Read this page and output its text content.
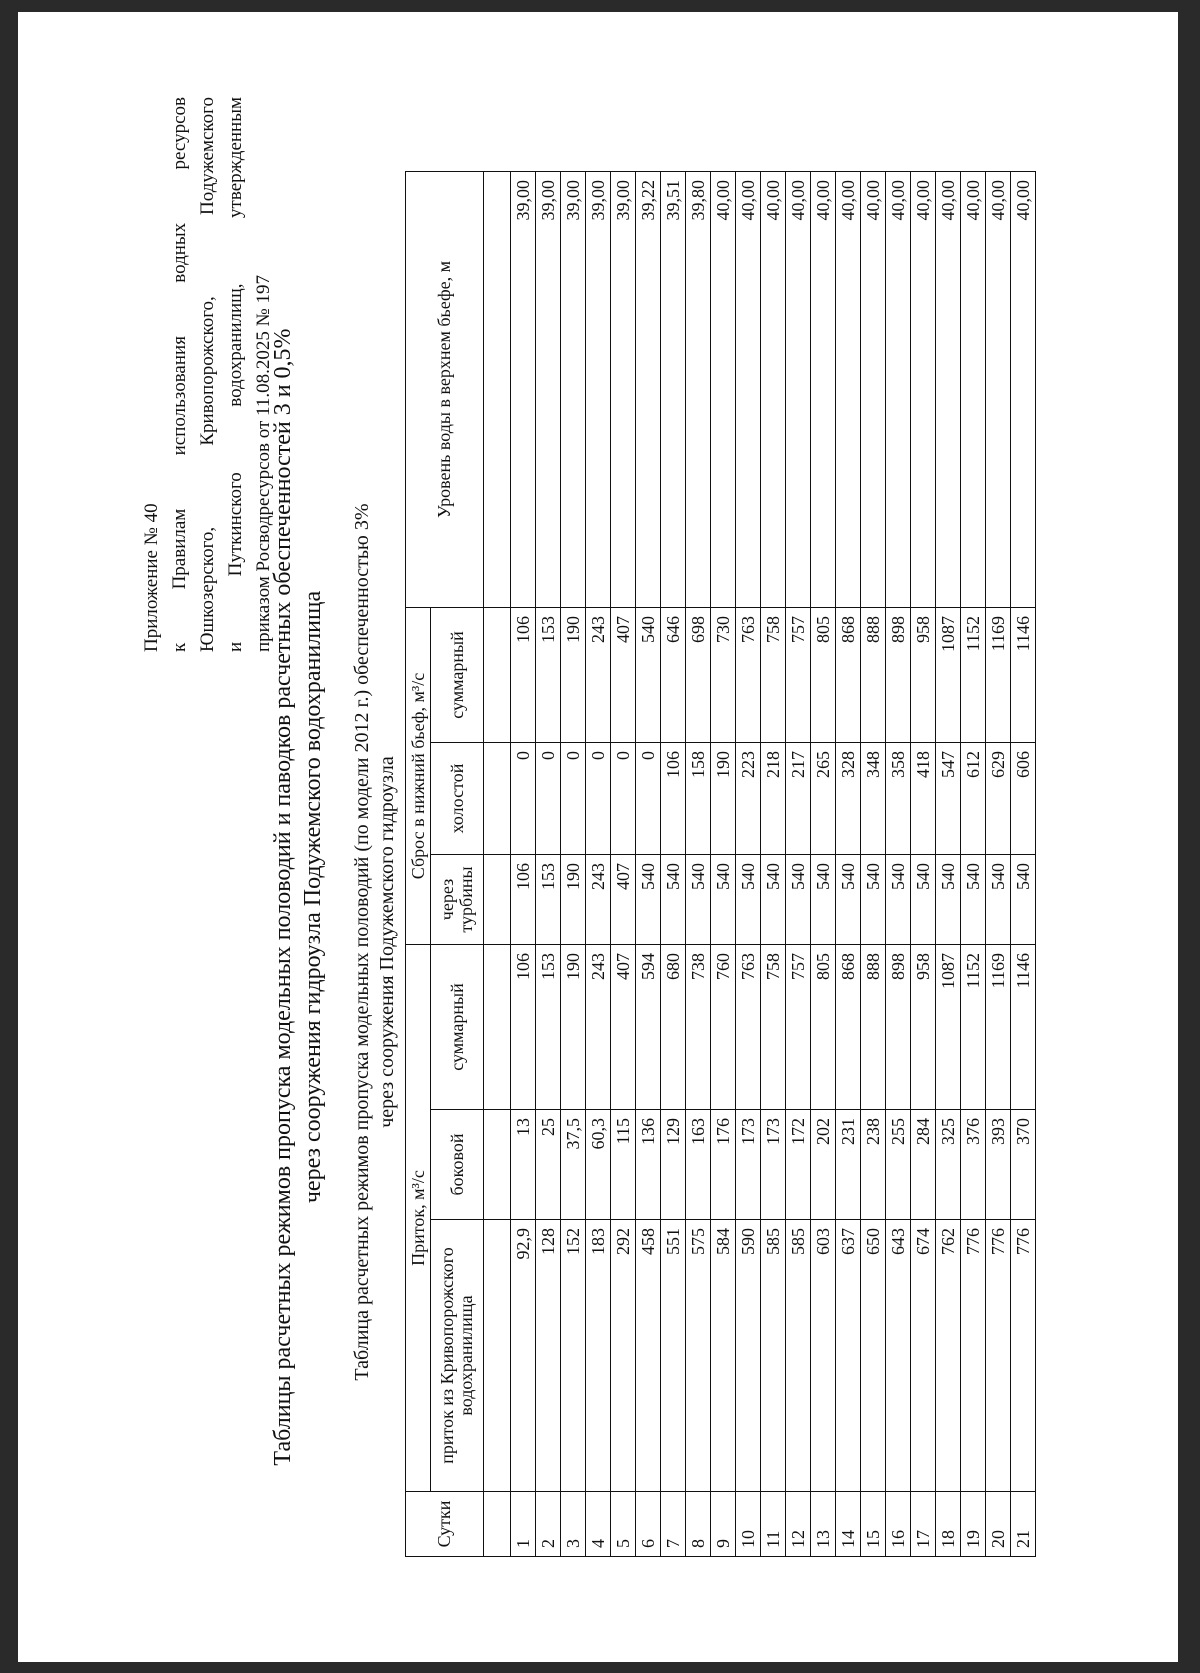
Приложение № 40 к Правилам использования водных ресурсов Юшкозерского, Кривопорожского, Подужемского и Путкинского водохранилищ, утвержденным приказом Росводресурсов от 11.08.2025 № 197
Таблицы расчетных режимов пропуска модельных половодий и паводков расчетных обеспеченностей 3 и 0,5% через сооружения гидроузла Подужемского водохранилища Таблица расчетных режимов пропуска модельных половодий (по модели 2012 г.) обеспеченностью 3% через сооружения Подужемского гидроузла
Сутки	Приток, м³/с			Сброс в нижний бьеф, м³/с			Уровень воды в верхнем бьефе, м
	приток из Кривопорожского водохранилища	боковой	суммарный	через турбины	холостой	суммарный	

1	92,9	13	106	106	0	106	39,00
2	128	25	153	153	0	153	39,00
3	152	37,5	190	190	0	190	39,00
4	183	60,3	243	243	0	243	39,00
5	292	115	407	407	0	407	39,00
6	458	136	594	540	0	540	39,22
7	551	129	680	540	106	646	39,51
8	575	163	738	540	158	698	39,80
9	584	176	760	540	190	730	40,00
10	590	173	763	540	223	763	40,00
11	585	173	758	540	218	758	40,00
12	585	172	757	540	217	757	40,00
13	603	202	805	540	265	805	40,00
14	637	231	868	540	328	868	40,00
15	650	238	888	540	348	888	40,00
16	643	255	898	540	358	898	40,00
17	674	284	958	540	418	958	40,00
18	762	325	1087	540	547	1087	40,00
19	776	376	1152	540	612	1152	40,00
20	776	393	1169	540	629	1169	40,00
21	776	370	1146	540	606	1146	40,00
